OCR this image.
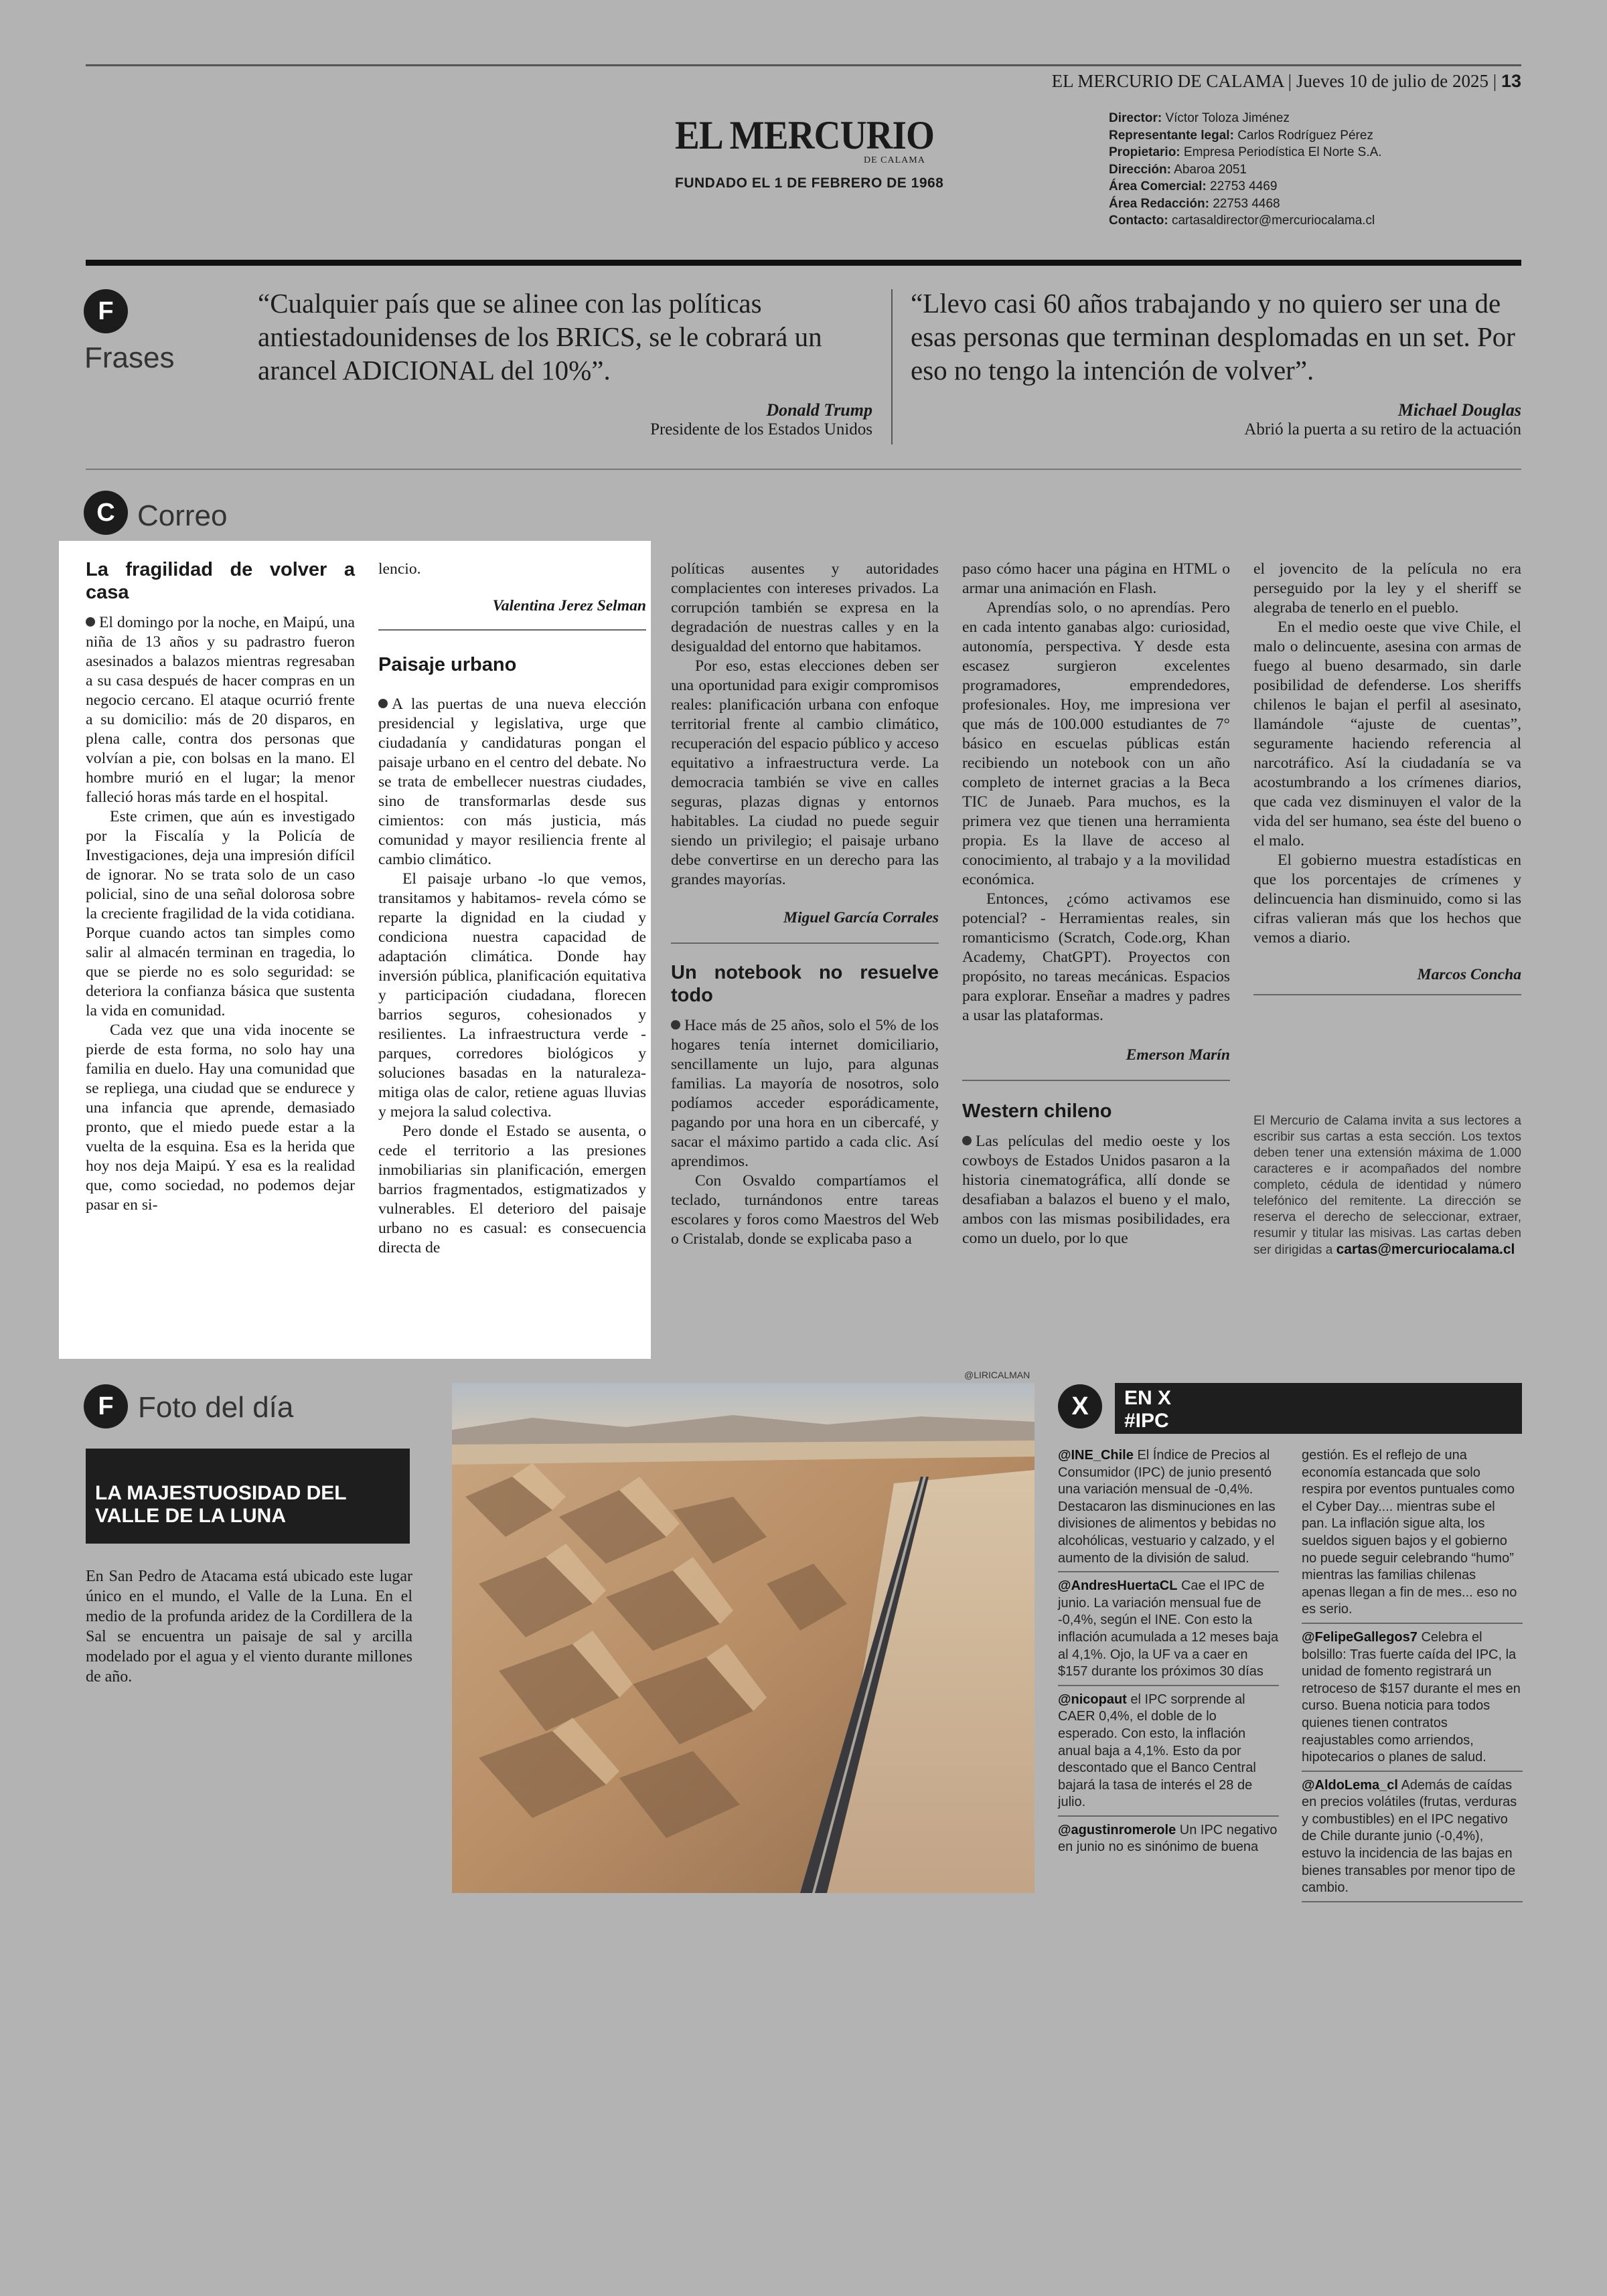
EL MERCURIO DE CALAMA | Jueves 10 de julio de 2025 | 13
EL MERCURIO
DE CALAMA
FUNDADO EL 1 DE FEBRERO DE 1968
Director: Víctor Toloza Jiménez
Representante legal: Carlos Rodríguez Pérez
Propietario: Empresa Periodística El Norte S.A.
Dirección: Abaroa 2051
Área Comercial: 22753 4469
Área Redacción: 22753 4468
Contacto: cartasaldirector@mercuriocalama.cl
F
Frases
“Cualquier país que se alinee con las políticas antiestadounidenses de los BRICS, se le cobrará un arancel ADICIONAL del 10%”.
Donald Trump
Presidente de los Estados Unidos
“Llevo casi 60 años trabajando y no quiero ser una de esas personas que terminan desplomadas en un set. Por eso no tengo la intención de volver”.
Michael Douglas
Abrió la puerta a su retiro de la actuación
C Correo
La fragilidad de volver a casa

El domingo por la noche, en Maipú, una niña de 13 años y su padrastro fueron asesinados a balazos mientras regresaban a su casa después de hacer compras en un negocio cercano. El ataque ocurrió frente a su domicilio: más de 20 disparos, en plena calle, contra dos personas que volvían a pie, con bolsas en la mano. El hombre murió en el lugar; la menor falleció horas más tarde en el hospital.

Este crimen, que aún es investigado por la Fiscalía y la Policía de Investigaciones, deja una impresión difícil de ignorar. No se trata solo de un caso policial, sino de una señal dolorosa sobre la creciente fragilidad de la vida cotidiana. Porque cuando actos tan simples como salir al almacén terminan en tragedia, lo que se pierde no es solo seguridad: se deteriora la confianza básica que sustenta la vida en comunidad.

Cada vez que una vida inocente se pierde de esta forma, no solo hay una familia en duelo. Hay una comunidad que se repliega, una ciudad que se endurece y una infancia que aprende, demasiado pronto, que el miedo puede estar a la vuelta de la esquina. Esa es la herida que hoy nos deja Maipú. Y esa es la realidad que, como sociedad, no podemos dejar pasar en si-

lencio.

Valentina Jerez Selman
Paisaje urbano

A las puertas de una nueva elección presidencial y legislativa, urge que ciudadanía y candidaturas pongan el paisaje urbano en el centro del debate. No se trata de embellecer nuestras ciudades, sino de transformarlas desde sus cimientos: con más justicia, más comunidad y mayor resiliencia frente al cambio climático.

El paisaje urbano -lo que vemos, transitamos y habitamos- revela cómo se reparte la dignidad en la ciudad y condiciona nuestra capacidad de adaptación climática. Donde hay inversión pública, planificación equitativa y participación ciudadana, florecen barrios seguros, cohesionados y resilientes. La infraestructura verde -parques, corredores biológicos y soluciones basadas en la naturaleza- mitiga olas de calor, retiene aguas lluvias y mejora la salud colectiva.

Pero donde el Estado se ausenta, o cede el territorio a las presiones inmobiliarias sin planificación, emergen barrios fragmentados, estigmatizados y vulnerables. El deterioro del paisaje urbano no es casual: es consecuencia directa de

políticas ausentes y autoridades complacientes con intereses privados. La corrupción también se expresa en la degradación de nuestras calles y en la desigualdad del entorno que habitamos.

Por eso, estas elecciones deben ser una oportunidad para exigir compromisos reales: planificación urbana con enfoque territorial frente al cambio climático, recuperación del espacio público y acceso equitativo a infraestructura verde. La democracia también se vive en calles seguras, plazas dignas y entornos habitables. La ciudad no puede seguir siendo un privilegio; el paisaje urbano debe convertirse en un derecho para las grandes mayorías.

Miguel García Corrales
Un notebook no resuelve todo

Hace más de 25 años, solo el 5% de los hogares tenía internet domiciliario, sencillamente un lujo, para algunas familias. La mayoría de nosotros, solo podíamos acceder esporádicamente, pagando por una hora en un cibercafé, y sacar el máximo partido a cada clic. Así aprendimos.

Con Osvaldo compartíamos el teclado, turnándonos entre tareas escolares y foros como Maestros del Web o Cristalab, donde se explicaba paso a

paso cómo hacer una página en HTML o armar una animación en Flash.

Aprendías solo, o no aprendías. Pero en cada intento ganabas algo: curiosidad, autonomía, perspectiva. Y desde esta escasez surgieron excelentes programadores, emprendedores, profesionales. Hoy, me impresiona ver que más de 100.000 estudiantes de 7° básico en escuelas públicas están recibiendo un notebook con un año completo de internet gracias a la Beca TIC de Junaeb. Para muchos, es la primera vez que tienen una herramienta propia. Es la llave de acceso al conocimiento, al trabajo y a la movilidad económica.

Entonces, ¿cómo activamos ese potencial? - Herramientas reales, sin romanticismo (Scratch, Code.org, Khan Academy, ChatGPT). Proyectos con propósito, no tareas mecánicas. Espacios para explorar. Enseñar a madres y padres a usar las plataformas.

Emerson Marín
Western chileno

Las películas del medio oeste y los cowboys de Estados Unidos pasaron a la historia cinematográfica, allí donde se desafiaban a balazos el bueno y el malo, ambos con las mismas posibilidades, era como un duelo, por lo que

el jovencito de la película no era perseguido por la ley y el sheriff se alegraba de tenerlo en el pueblo.

En el medio oeste que vive Chile, el malo o delincuente, asesina con armas de fuego al bueno desarmado, sin darle posibilidad de defenderse. Los sheriffs chilenos le bajan el perfil al asesinato, llamándole “ajuste de cuentas”, seguramente haciendo referencia al narcotráfico. Así la ciudadanía se va acostumbrando a los crímenes diarios, que cada vez disminuyen el valor de la vida del ser humano, sea éste del bueno o el malo.

El gobierno muestra estadísticas en que los porcentajes de crímenes y delincuencia han disminuido, como si las cifras valieran más que los hechos que vemos a diario.

Marcos Concha
El Mercurio de Calama invita a sus lectores a escribir sus cartas a esta sección. Los textos deben tener una extensión máxima de 1.000 caracteres e ir acompañados del nombre completo, cédula de identidad y número telefónico del remitente. La dirección se reserva el derecho de seleccionar, extraer, resumir y titular las misivas. Las cartas deben ser dirigidas a cartas@mercuriocalama.cl
F Foto del día
LA MAJESTUOSIDAD DEL VALLE DE LA LUNA
En San Pedro de Atacama está ubicado este lugar único en el mundo, el Valle de la Luna. En el medio de la profunda aridez de la Cordillera de la Sal se encuentra un paisaje de sal y arcilla modelado por el agua y el viento durante millones de año.
@LIRICALMAN
X	EN X
#IPC
@INE_Chile El Índice de Precios al Consumidor (IPC) de junio presentó una variación mensual de -0,4%. Destacaron las disminuciones en las divisiones de alimentos y bebidas no alcohólicas, vestuario y calzado, y el aumento de la división de salud.
@AndresHuertaCL Cae el IPC de junio. La variación mensual fue de -0,4%, según el INE. Con esto la inflación acumulada a 12 meses baja al 4,1%. Ojo, la UF va a caer en $157 durante los próximos 30 días
@nicopaut el IPC sorprende al CAER 0,4%, el doble de lo esperado. Con esto, la inflación anual baja a 4,1%. Esto da por descontado que el Banco Central bajará la tasa de interés el 28 de julio.
@agustinromerole Un IPC negativo en junio no es sinónimo de buena
gestión. Es el reflejo de una economía estancada que solo respira por eventos puntuales como el Cyber Day.... mientras sube el pan. La inflación sigue alta, los sueldos siguen bajos y el gobierno no puede seguir celebrando “humo” mientras las familias chilenas apenas llegan a fin de mes... eso no es serio.
@FelipeGallegos7 Celebra el bolsillo: Tras fuerte caída del IPC, la unidad de fomento registrará un retroceso de $157 durante el mes en curso. Buena noticia para todos quienes tienen contratos reajustables como arriendos, hipotecarios o planes de salud.
@AldoLema_cl Además de caídas en precios volátiles (frutas, verduras y combustibles) en el IPC negativo de Chile durante junio (-0,4%), estuvo la incidencia de las bajas en bienes transables por menor tipo de cambio.
